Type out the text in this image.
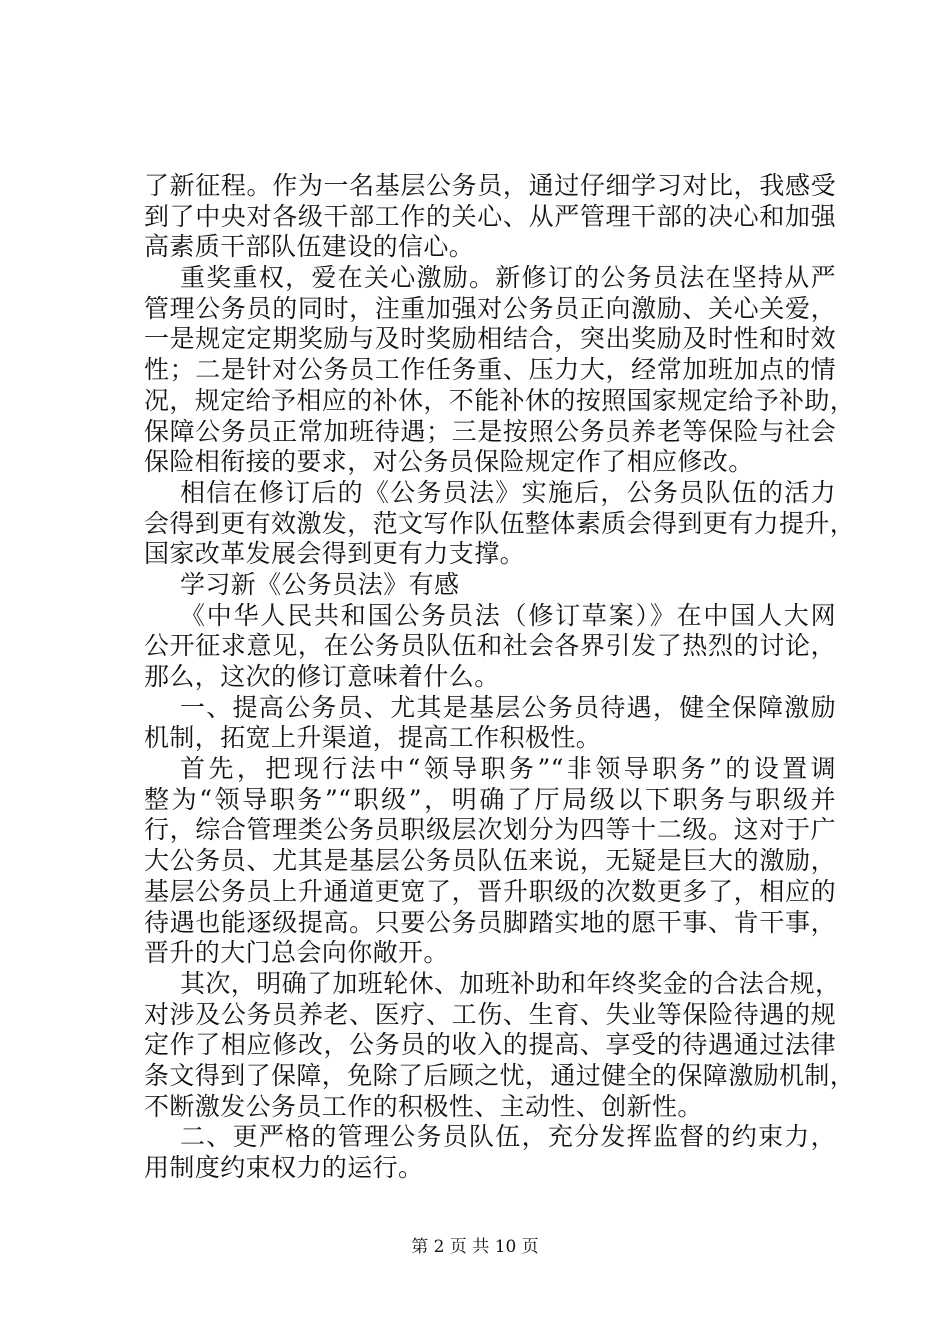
了新征程。作为一名基层公务员，通过仔细学习对比，我感受
到了中央对各级干部工作的关心、从严管理干部的决心和加强
高素质干部队伍建设的信心。
重奖重权，爱在关心激励。新修订的公务员法在坚持从严
管理公务员的同时，注重加强对公务员正向激励、关心关爱，
一是规定定期奖励与及时奖励相结合，突出奖励及时性和时效
性；二是针对公务员工作任务重、压力大，经常加班加点的情
况，规定给予相应的补休，不能补休的按照国家规定给予补助，
保障公务员正常加班待遇；三是按照公务员养老等保险与社会
保险相衔接的要求，对公务员保险规定作了相应修改。
相信在修订后的《公务员法》实施后，公务员队伍的活力
会得到更有效激发，范文写作队伍整体素质会得到更有力提升，
国家改革发展会得到更有力支撑。
学习新《公务员法》有感
《中华人民共和国公务员法（修订草案）》在中国人大网
公开征求意见，在公务员队伍和社会各界引发了热烈的讨论，
那么，这次的修订意味着什么。
一、提高公务员、尤其是基层公务员待遇，健全保障激励
机制，拓宽上升渠道，提高工作积极性。
首先，把现行法中“领导职务”“非领导职务”的设置调
整为“领导职务”“职级”，明确了厅局级以下职务与职级并
行，综合管理类公务员职级层次划分为四等十二级。这对于广
大公务员、尤其是基层公务员队伍来说，无疑是巨大的激励，
基层公务员上升通道更宽了，晋升职级的次数更多了，相应的
待遇也能逐级提高。只要公务员脚踏实地的愿干事、肯干事，
晋升的大门总会向你敞开。
其次，明确了加班轮休、加班补助和年终奖金的合法合规，
对涉及公务员养老、医疗、工伤、生育、失业等保险待遇的规
定作了相应修改，公务员的收入的提高、享受的待遇通过法律
条文得到了保障，免除了后顾之忧，通过健全的保障激励机制，
不断激发公务员工作的积极性、主动性、创新性。
二、更严格的管理公务员队伍，充分发挥监督的约束力，
用制度约束权力的运行。
第 2 页 共 10 页
